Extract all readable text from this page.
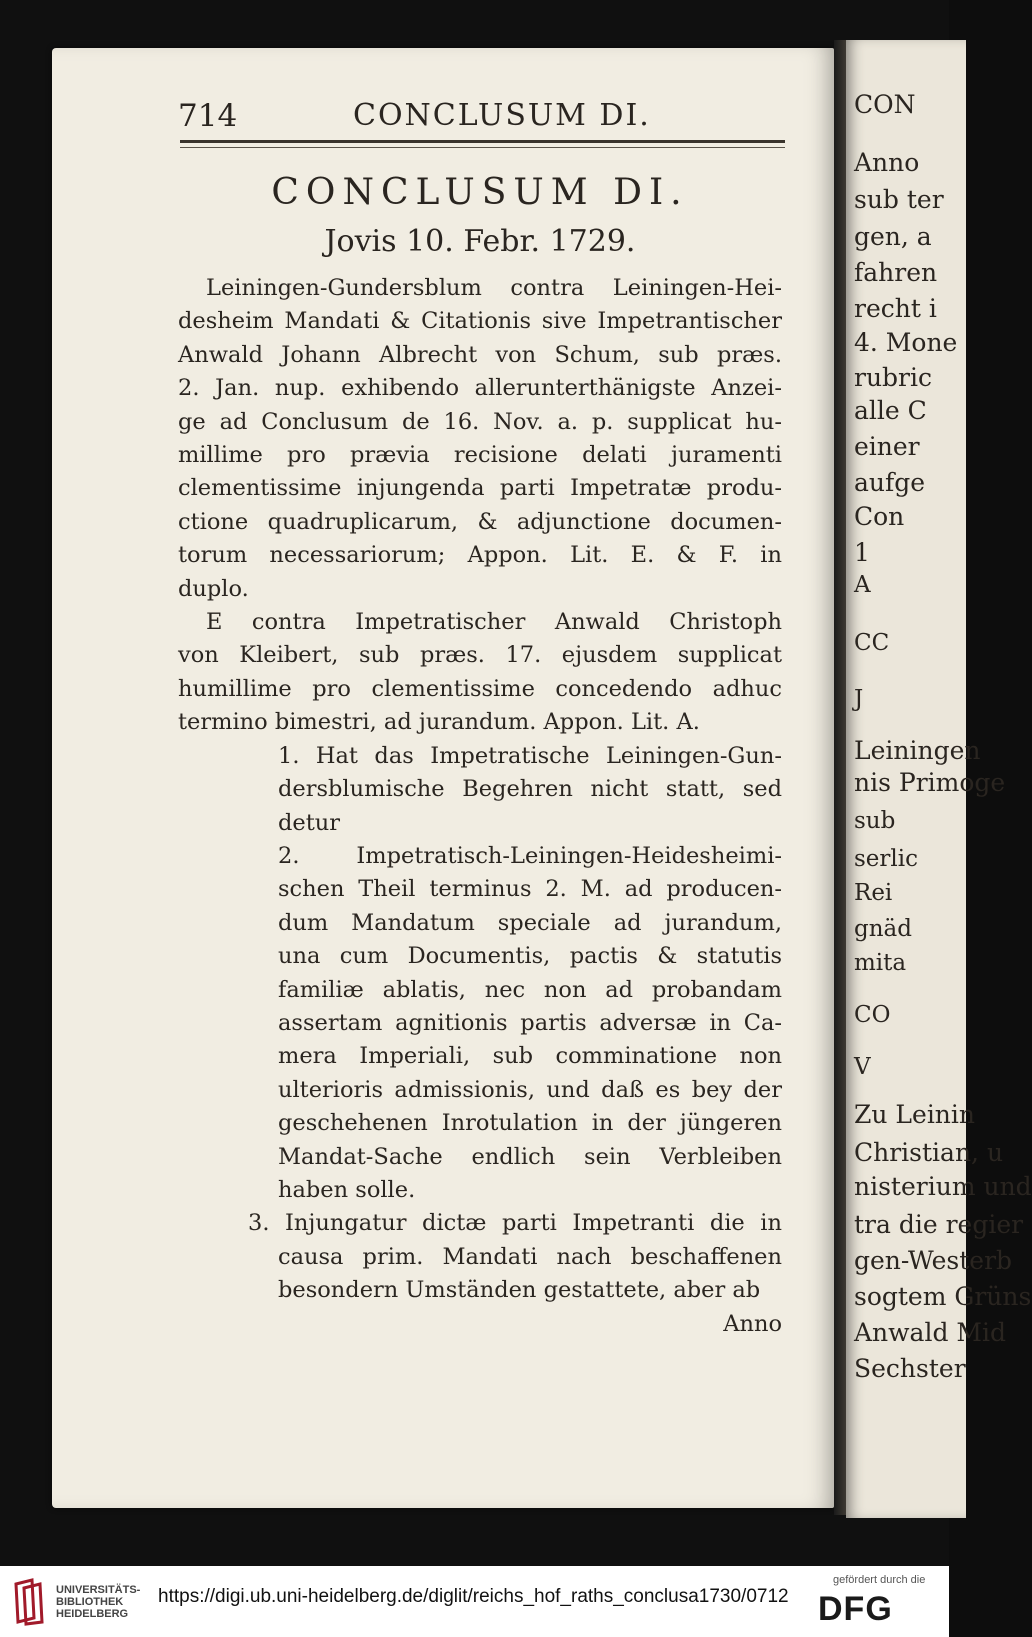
CON
Anno
sub ter
gen, a
fahren
recht i
4. Mone
rubric
alle C
einer
aufge
Con
1
A
CC
J
Leiningen
nis Primoge
sub
serlic
Rei
gnäd
mita
CO
V
Zu Leinin
Christian, u
nisterium und
tra die regier
gen-Westerb
sogtem Grüns
Anwald Mid
Sechster
714	CONCLUSUM DI.
CONCLUSUM DI.
Jovis 10. Febr. 1729.
Leiningen-Gundersblum contra Leiningen-Hei-
desheim Mandati & Citationis sive Impetrantischer
Anwald Johann Albrecht von Schum, sub præs.
2. Jan. nup. exhibendo allerunterthänigste Anzei-
ge ad Conclusum de 16. Nov. a. p. supplicat hu-
millime pro prævia recisione delati juramenti
clementissime injungenda parti Impetratæ produ-
ctione quadruplicarum, & adjunctione documen-
torum necessariorum; Appon. Lit. E. & F. in
duplo.
E contra Impetratischer Anwald Christoph
von Kleibert, sub præs. 17. ejusdem supplicat
humillime pro clementissime concedendo adhuc
termino bimestri, ad jurandum. Appon. Lit. A.
1. Hat das Impetratische Leiningen-Gun-
dersblumische Begehren nicht statt, sed
detur
2. Impetratisch-Leiningen-Heidesheimi-
schen Theil terminus 2. M. ad producen-
dum Mandatum speciale ad jurandum,
una cum Documentis, pactis & statutis
familiæ ablatis, nec non ad probandam
assertam agnitionis partis adversæ in Ca-
mera Imperiali, sub comminatione non
ulterioris admissionis, und daß es bey der
geschehenen Inrotulation in der jüngeren
Mandat-Sache endlich sein Verbleiben
haben solle.
3. Injungatur dictæ parti Impetranti die in
causa prim. Mandati nach beschaffenen
besondern Umständen gestattete, aber ab
Anno
UNIVERSITÄTS-
BIBLIOTHEK
HEIDELBERG
https://digi.ub.uni-heidelberg.de/diglit/reichs_hof_raths_conclusa1730/0712
gefördert durch die
DFG
